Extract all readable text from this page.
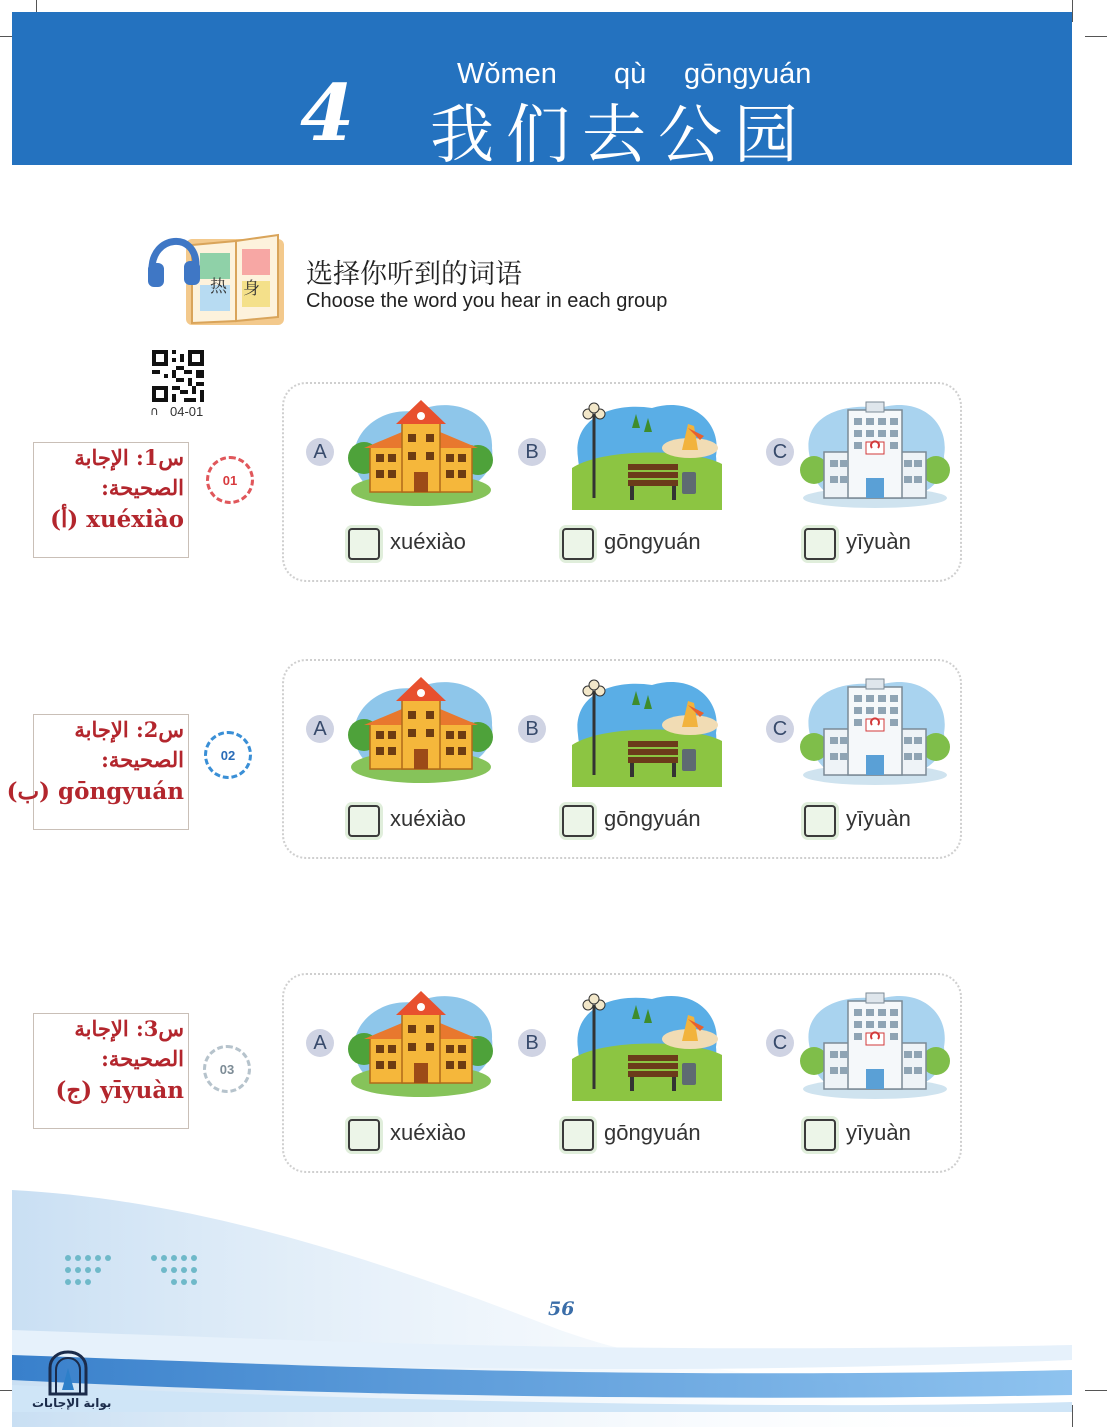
4	Wǒmen qù gōngyuán
我们去公园
热 身 选择你听到的词语
Choose the word you hear in each group
∩ 04-01
س1: الإجابة
الصحيحة:
xuéxiào (أ)
01
A
xuéxiào
B
gōngyuán
C
yīyuàn
س2: الإجابة
الصحيحة:
gōngyuán (ب)
02
A
xuéxiào
B
gōngyuán
C
yīyuàn
س3: الإجابة
الصحيحة:
yīyuàn (ج)
03
A
xuéxiào
B
gōngyuán
C
yīyuàn
56
بوابة الإجابات
